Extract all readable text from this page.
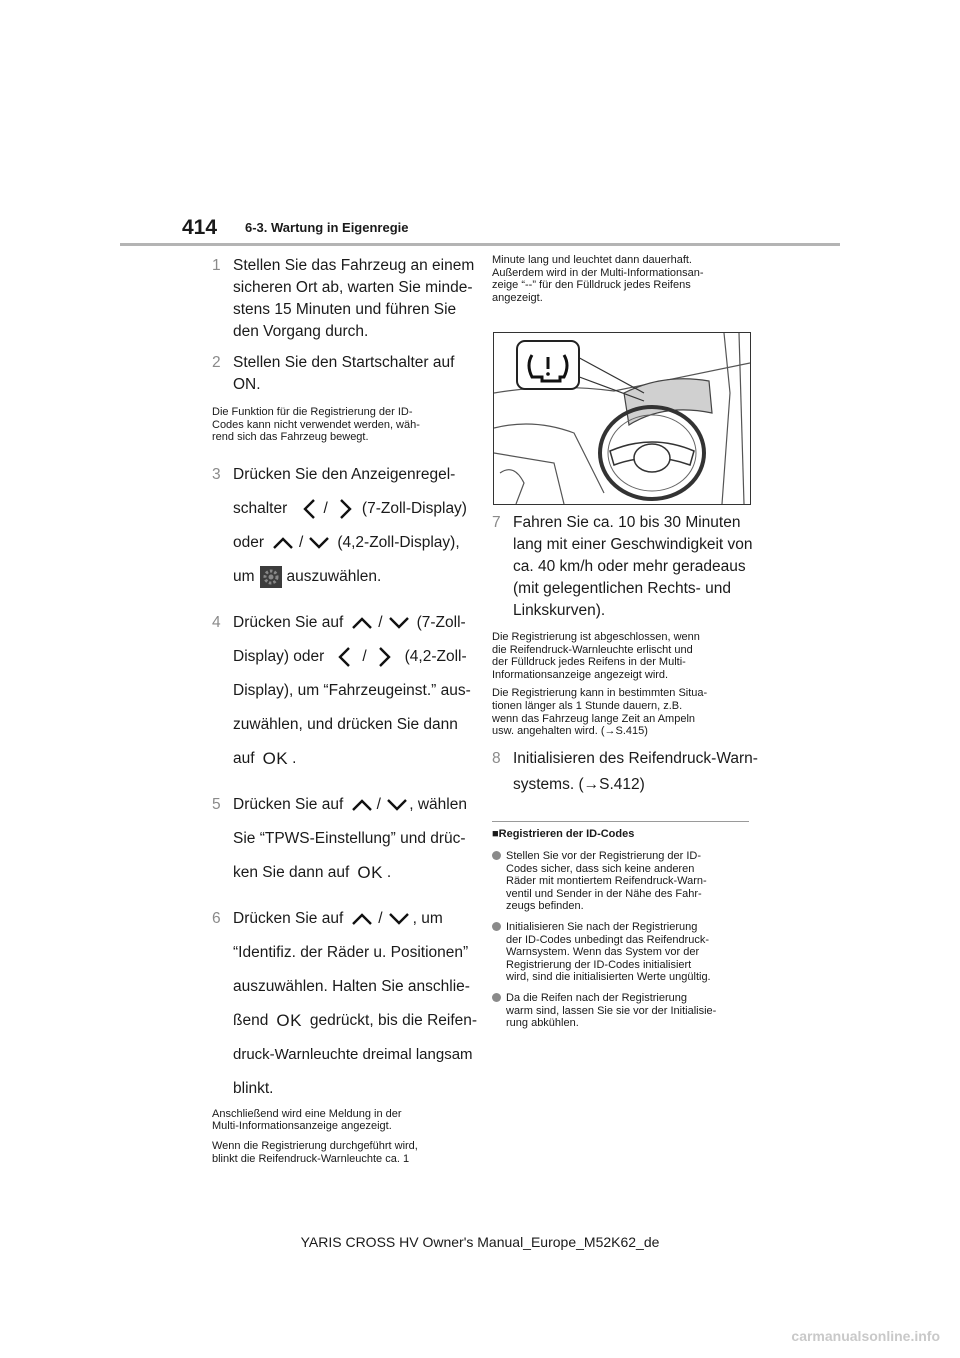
414 6-3. Wartung in Eigenregie
1 Stellen Sie das Fahrzeug an einem
sicheren Ort ab, warten Sie minde-
stens 15 Minuten und führen Sie
den Vorgang durch.
2 Stellen Sie den Startschalter auf
ON.
Die Funktion für die Registrierung der ID-
Codes kann nicht verwendet werden, wäh-
rend sich das Fahrzeug bewegt.
3 Drücken Sie den Anzeigenregel-
schalter / (7-Zoll-Display)
oder / (4,2-Zoll-Display),
um auszuwählen.
4 Drücken Sie auf / (7-Zoll-
Display) oder / (4,2-Zoll-
Display), um “Fahrzeugeinst.” aus-
zuwählen, und drücken Sie dann
auf OK .
5 Drücken Sie auf / , wählen
Sie “TPWS-Einstellung” und drüc-
ken Sie dann auf OK .
6 Drücken Sie auf / , um
“Identifiz. der Räder u. Positionen”
auszuwählen. Halten Sie anschlie-
ßend OK gedrückt, bis die Reifen-
druck-Warnleuchte dreimal langsam
blinkt.
Anschließend wird eine Meldung in der
Multi-Informationsanzeige angezeigt.
Wenn die Registrierung durchgeführt wird,
blinkt die Reifendruck-Warnleuchte ca. 1
Minute lang und leuchtet dann dauerhaft.
Außerdem wird in der Multi-Informationsan-
zeige “--” für den Fülldruck jedes Reifens
angezeigt.
7 Fahren Sie ca. 10 bis 30 Minuten
lang mit einer Geschwindigkeit von
ca. 40 km/h oder mehr geradeaus
(mit gelegentlichen Rechts- und
Linkskurven).
Die Registrierung ist abgeschlossen, wenn
die Reifendruck-Warnleuchte erlischt und
der Fülldruck jedes Reifens in der Multi-
Informationsanzeige angezeigt wird.
Die Registrierung kann in bestimmten Situa-
tionen länger als 1 Stunde dauern, z.B.
wenn das Fahrzeug lange Zeit an Ampeln
usw. angehalten wird. (→S.415)
8 Initialisieren des Reifendruck-Warn-
systems. (→S.412)
■Registrieren der ID-Codes
Stellen Sie vor der Registrierung der ID-
Codes sicher, dass sich keine anderen
Räder mit montiertem Reifendruck-Warn-
ventil und Sender in der Nähe des Fahr-
zeugs befinden.
Initialisieren Sie nach der Registrierung
der ID-Codes unbedingt das Reifendruck-
Warnsystem. Wenn das System vor der
Registrierung der ID-Codes initialisiert
wird, sind die initialisierten Werte ungültig.
Da die Reifen nach der Registrierung
warm sind, lassen Sie sie vor der Initialisie-
rung abkühlen.
YARIS CROSS HV Owner's Manual_Europe_M52K62_de
carmanualsonline.info
